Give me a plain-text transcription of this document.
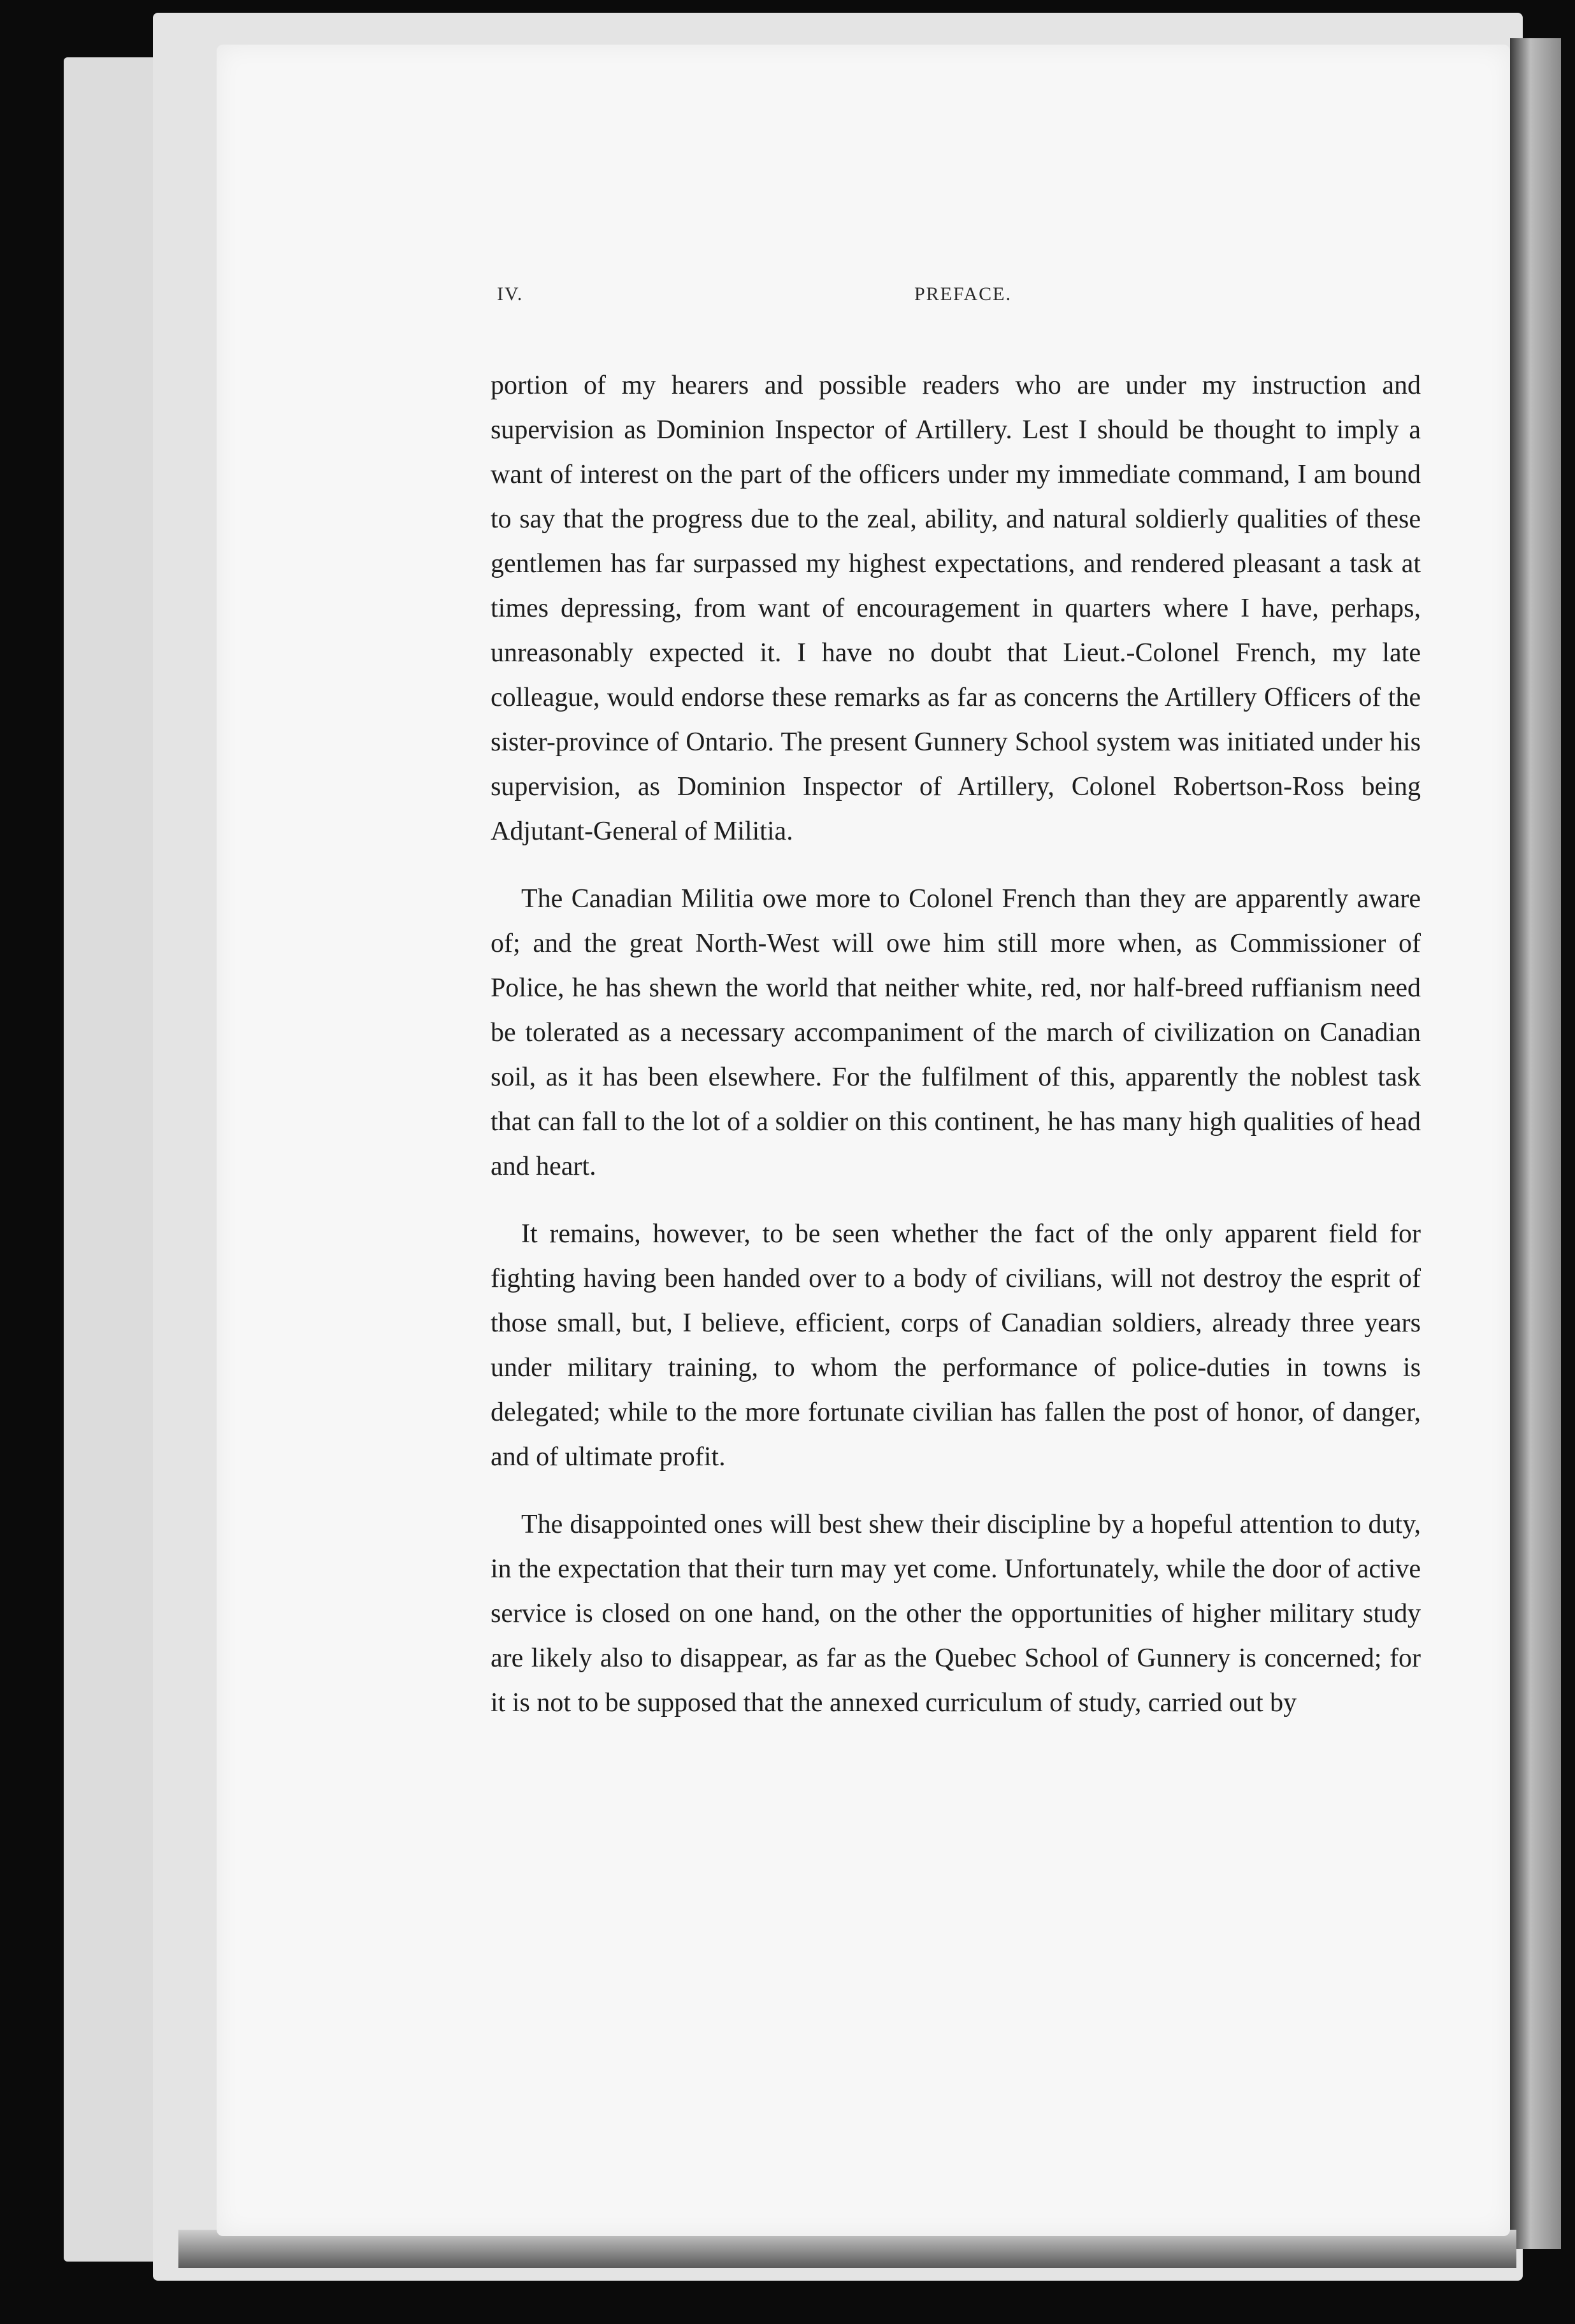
IV.	PREFACE.

portion of my hearers and possible readers who are under my instruction and supervision as Dominion Inspector of Artillery. Lest I should be thought to imply a want of interest on the part of the officers under my immediate command, I am bound to say that the progress due to the zeal, ability, and natural soldierly qualities of these gentlemen has far surpassed my highest expectations, and rendered pleasant a task at times depressing, from want of encouragement in quarters where I have, perhaps, unreasonably expected it. I have no doubt that Lieut.-Colonel French, my late colleague, would endorse these remarks as far as concerns the Artillery Officers of the sister-province of Ontario. The present Gunnery School system was initiated under his supervision, as Dominion Inspector of Artillery, Colonel Robertson-Ross being Adjutant-General of Militia.

The Canadian Militia owe more to Colonel French than they are apparently aware of; and the great North-West will owe him still more when, as Commissioner of Police, he has shewn the world that neither white, red, nor half-breed ruffianism need be tolerated as a necessary accompaniment of the march of civilization on Canadian soil, as it has been elsewhere. For the fulfilment of this, apparently the noblest task that can fall to the lot of a soldier on this continent, he has many high qualities of head and heart.

It remains, however, to be seen whether the fact of the only apparent field for fighting having been handed over to a body of civilians, will not destroy the esprit of those small, but, I believe, efficient, corps of Canadian soldiers, already three years under military training, to whom the performance of police-duties in towns is delegated; while to the more fortunate civilian has fallen the post of honor, of danger, and of ultimate profit.

The disappointed ones will best shew their discipline by a hopeful attention to duty, in the expectation that their turn may yet come. Unfortunately, while the door of active service is closed on one hand, on the other the opportunities of higher military study are likely also to disappear, as far as the Quebec School of Gunnery is concerned; for it is not to be supposed that the annexed curriculum of study, carried out by
